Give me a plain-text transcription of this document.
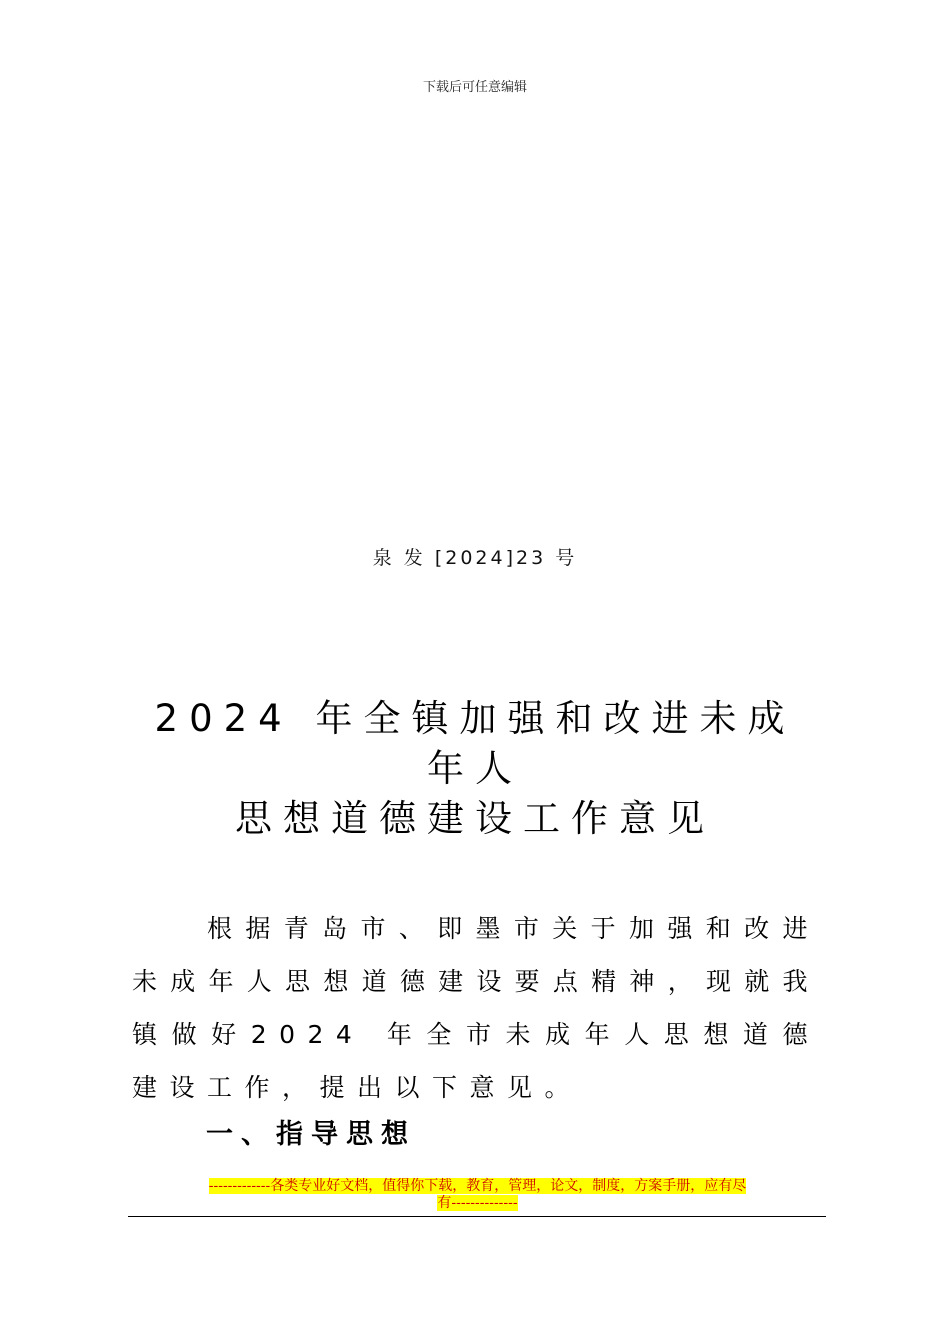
下载后可任意编辑
泉 发 [2024]23 号
2024 年全镇加强和改进未成
年人
思想道德建设工作意见
根据青岛市、即墨市关于加强和改进未成年人思想道德建设要点精神，现就我镇做好2024 年全市未成年人思想道德建设工作，提出以下意见。
一、指导思想
-------------各类专业好文档，值得你下载，教育，管理，论文，制度，方案手册，应有尽
有--------------
